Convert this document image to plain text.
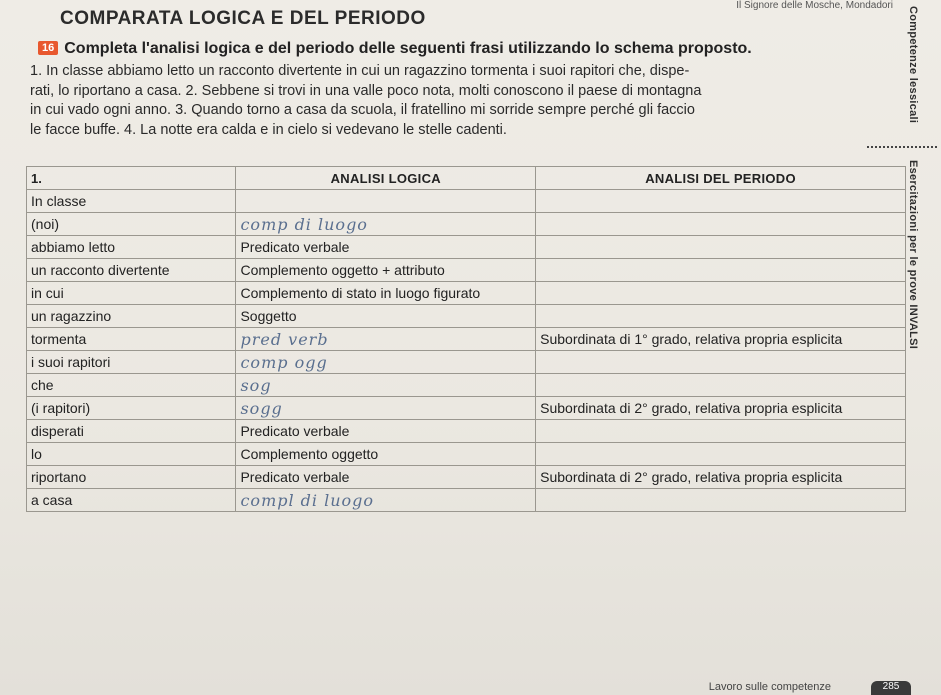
Il Signore delle Mosche, Mondadori
COMPARATA LOGICA E DEL PERIODO
16 Completa l'analisi logica e del periodo delle seguenti frasi utilizzando lo schema proposto.

1. In classe abbiamo letto un racconto divertente in cui un ragazzino tormenta i suoi rapitori che, dispe-

rati, lo riportano a casa. 2. Sebbene si trovi in una valle poco nota, molti conoscono il paese di montagna

in cui vado ogni anno. 3. Quando torno a casa da scuola, il fratellino mi sorride sempre perché gli faccio

le facce buffe. 4. La notte era calda e in cielo si vedevano le stelle cadenti.

Competenze lessicali
Esercitazioni per le prove INVALSI
1.	ANALISI LOGICA	ANALISI DEL PERIODO
In classe		
(noi)	comp di luogo	
abbiamo letto	Predicato verbale	
un racconto divertente	Complemento oggetto + attributo	
in cui	Complemento di stato in luogo figurato	
un ragazzino	Soggetto	
tormenta	pred verb	Subordinata di 1° grado, relativa propria esplicita
i suoi rapitori	comp ogg	
che	sog	
(i rapitori)	sogg	Subordinata di 2° grado, relativa propria esplicita
disperati	Predicato verbale	
lo	Complemento oggetto	
riportano	Predicato verbale	Subordinata di 2° grado, relativa propria esplicita
a casa	compl di luogo	
Lavoro sulle competenze	285
